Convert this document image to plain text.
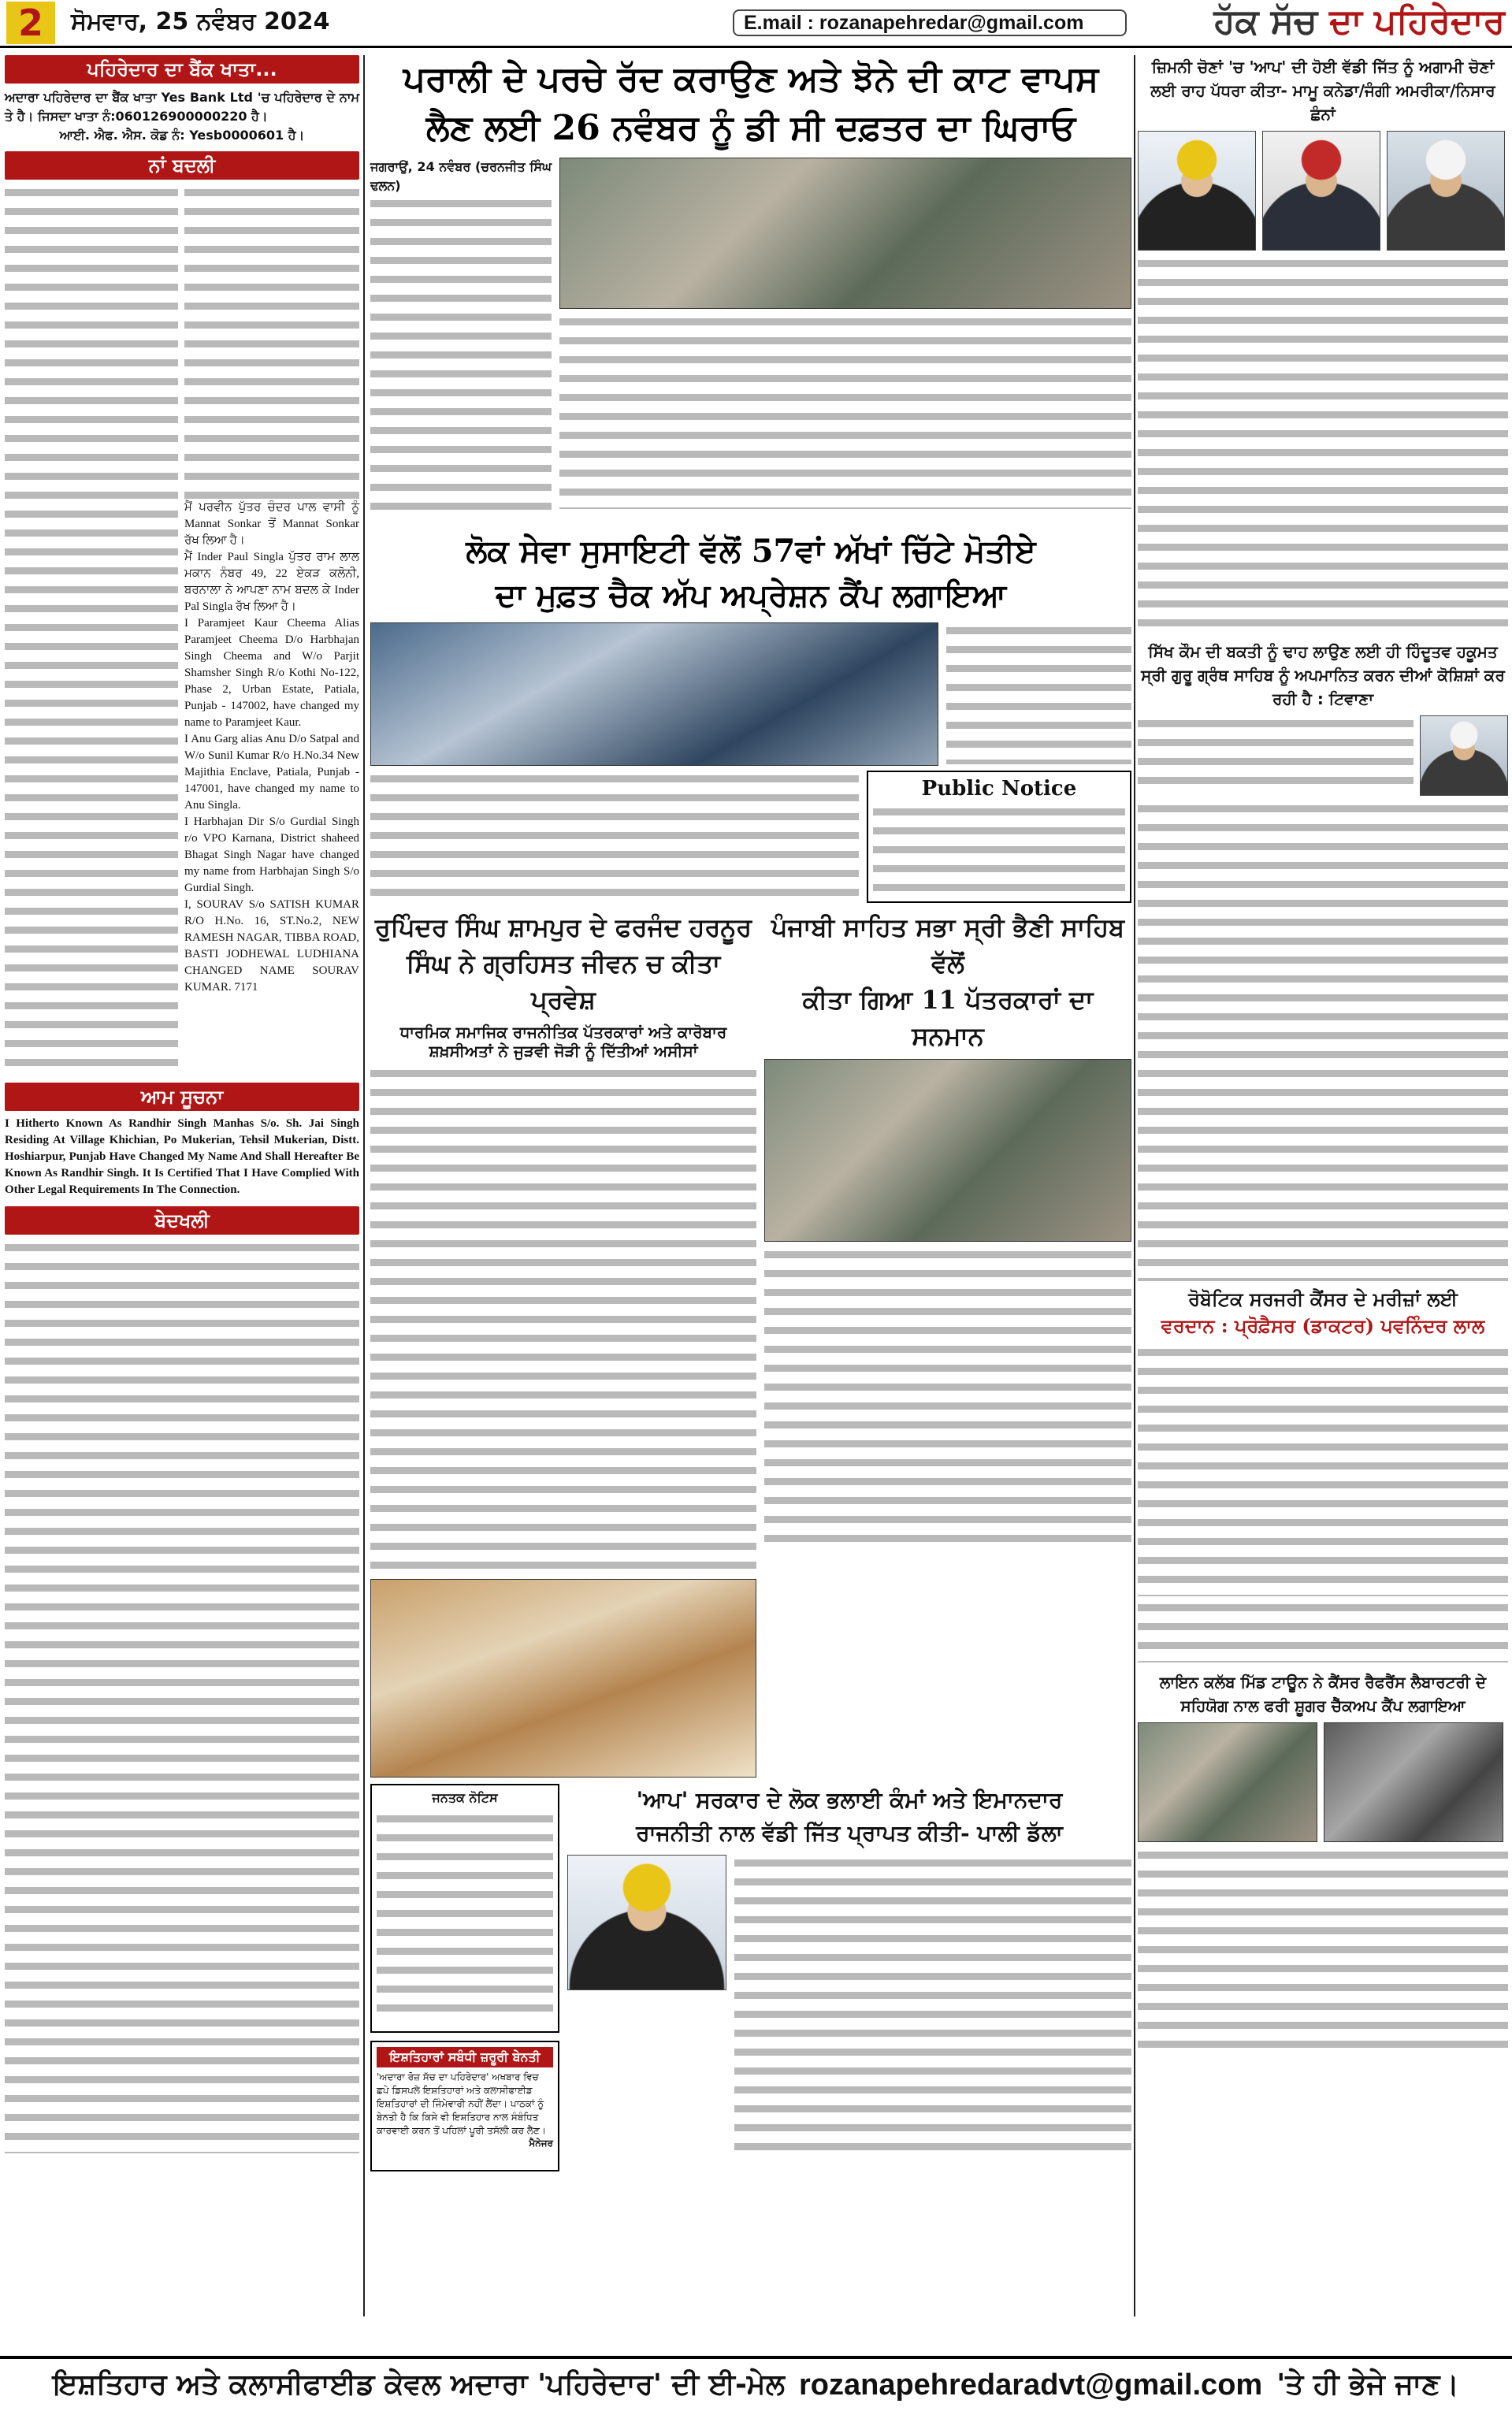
2	ਸੋਮਵਾਰ, 25 ਨਵੰਬਰ 2024	E.mail : rozanapehredar@gmail.com	ਹੱਕ ਸੱਚ ਦਾ ਪਹਿਰੇਦਾਰ
ਪਹਿਰੇਦਾਰ ਦਾ ਬੈਂਕ ਖਾਤਾ...
ਅਦਾਰਾ ਪਹਿਰੇਦਾਰ ਦਾ ਬੈਂਕ ਖਾਤਾ Yes Bank Ltd 'ਚ ਪਹਿਰੇਦਾਰ ਦੇ ਨਾਮ ਤੇ ਹੈ। ਜਿਸਦਾ ਖਾਤਾ ਨੰ:060126900000220 ਹੈ।
ਆਈ. ਐਫ. ਐਸ. ਕੋਡ ਨੰ: Yesb0000601 ਹੈ।
ਨਾਂ ਬਦਲੀ
ਮੈਂ ਪਰਵੀਨ ਪੁੱਤਰ ਚੰਦਰ ਪਾਲ ਵਾਸੀ ਨੂੰ Mannat Sonkar ਤੋਂ Mannat Sonkar ਰੱਖ ਲਿਆ ਹੈ।
ਮੈਂ Inder Paul Singla ਪੁੱਤਰ ਰਾਮ ਲਾਲ ਮਕਾਨ ਨੰਬਰ 49, 22 ਏਕੜ ਕਲੋਨੀ, ਬਰਨਾਲਾ ਨੇ ਆਪਣਾ ਨਾਮ ਬਦਲ ਕੇ Inder Pal Singla ਰੱਖ ਲਿਆ ਹੈ।
I Paramjeet Kaur Cheema Alias Paramjeet Cheema D/o Harbhajan Singh Cheema and W/o Parjit Shamsher Singh R/o Kothi No-122, Phase 2, Urban Estate, Patiala, Punjab - 147002, have changed my name to Paramjeet Kaur.
I Anu Garg alias Anu D/o Satpal and W/o Sunil Kumar R/o H.No.34 New Majithia Enclave, Patiala, Punjab - 147001, have changed my name to Anu Singla.
I Harbhajan Dir S/o Gurdial Singh r/o VPO Karnana, District shaheed Bhagat Singh Nagar have changed my name from Harbhajan Singh S/o Gurdial Singh.
I, SOURAV S/o SATISH KUMAR R/O H.No. 16, ST.No.2, NEW RAMESH NAGAR, TIBBA ROAD, BASTI JODHEWAL LUDHIANA CHANGED NAME SOURAV KUMAR. 7171
ਆਮ ਸੂਚਨਾ
I Hitherto Known As Randhir Singh Manhas S/o. Sh. Jai Singh Residing At Village Khichian, Po Mukerian, Tehsil Mukerian, Distt. Hoshiarpur, Punjab Have Changed My Name And Shall Hereafter Be Known As Randhir Singh. It Is Certified That I Have Complied With Other Legal Requirements In The Connection.
ਬੇਦਖਲੀ
ਪਰਾਲੀ ਦੇ ਪਰਚੇ ਰੱਦ ਕਰਾਉਣ ਅਤੇ ਝੋਨੇ ਦੀ ਕਾਟ ਵਾਪਸ
ਲੈਣ ਲਈ 26 ਨਵੰਬਰ ਨੂੰ ਡੀ ਸੀ ਦਫ਼ਤਰ ਦਾ ਘਿਰਾਓ
ਜਗਰਾਉਂ, 24 ਨਵੰਬਰ (ਚਰਨਜੀਤ ਸਿੰਘ ਢਲਨ)
ਲੋਕ ਸੇਵਾ ਸੁਸਾਇਟੀ ਵੱਲੋਂ 57ਵਾਂ ਅੱਖਾਂ ਚਿੱਟੇ ਮੋਤੀਏ
ਦਾ ਮੁਫ਼ਤ ਚੈਕ ਅੱਪ ਅਪ੍ਰੇਸ਼ਨ ਕੈਂਪ ਲਗਾਇਆ
Public Notice
ਰੁਪਿੰਦਰ ਸਿੰਘ ਸ਼ਾਮਪੁਰ ਦੇ ਫਰਜੰਦ ਹਰਨੂਰ
ਸਿੰਘ ਨੇ ਗ੍ਰਹਿਸਤ ਜੀਵਨ ਚ ਕੀਤਾ ਪ੍ਰਵੇਸ਼
ਧਾਰਮਿਕ ਸਮਾਜਿਕ ਰਾਜਨੀਤਿਕ ਪੱਤਰਕਾਰਾਂ ਅਤੇ ਕਾਰੋਬਾਰ ਸ਼ਖ਼ਸੀਅਤਾਂ ਨੇ ਜੁੜਵੀ ਜੋੜੀ ਨੂੰ ਦਿੱਤੀਆਂ ਅਸੀਸਾਂ
ਪੰਜਾਬੀ ਸਾਹਿਤ ਸਭਾ ਸ੍ਰੀ ਭੈਣੀ ਸਾਹਿਬ ਵੱਲੋਂ
ਕੀਤਾ ਗਿਆ 11 ਪੱਤਰਕਾਰਾਂ ਦਾ ਸਨਮਾਨ
ਜਨਤਕ ਨੋਟਿਸ
ਇਸ਼ਤਿਹਾਰਾਂ ਸਬੰਧੀ ਜ਼ਰੂਰੀ ਬੇਨਤੀ
'ਅਦਾਰਾ ਰੋਜ਼ ਸੱਚ ਦਾ ਪਹਿਰੇਦਾਰ' ਅਖਬਾਰ ਵਿਚ ਛਪੇ ਡਿਸਪਲੇ ਇਸ਼ਤਿਹਾਰਾਂ ਅਤੇ ਕਲਾਸੀਫਾਈਡ ਇਸ਼ਤਿਹਾਰਾਂ ਦੀ ਜਿੰਮੇਵਾਰੀ ਨਹੀਂ ਲੈਂਦਾ। ਪਾਠਕਾਂ ਨੂੰ ਬੇਨਤੀ ਹੈ ਕਿ ਕਿਸੇ ਵੀ ਇਸ਼ਤਿਹਾਰ ਨਾਲ ਸੰਬੰਧਿਤ ਕਾਰਵਾਈ ਕਰਨ ਤੋਂ ਪਹਿਲਾਂ ਪੂਰੀ ਤਸੱਲੀ ਕਰ ਲੈਣ।
ਮੈਨੇਜਰ
'ਆਪ' ਸਰਕਾਰ ਦੇ ਲੋਕ ਭਲਾਈ ਕੰਮਾਂ ਅਤੇ ਇਮਾਨਦਾਰ
ਰਾਜਨੀਤੀ ਨਾਲ ਵੱਡੀ ਜਿੱਤ ਪ੍ਰਾਪਤ ਕੀਤੀ- ਪਾਲੀ ਡੱਲਾ
ਜ਼ਿਮਨੀ ਚੋਣਾਂ 'ਚ 'ਆਪ' ਦੀ ਹੋਈ ਵੱਡੀ ਜਿੱਤ ਨੂੰ ਅਗਾਮੀ ਚੋਣਾਂ ਲਈ ਰਾਹ ਪੱਧਰਾ ਕੀਤਾ- ਮਾਮੂ ਕਨੇਡਾ/ਜੰਗੀ ਅਮਰੀਕਾ/ਨਿਸਾਰ ਛੰਨਾਂ
ਸਿੱਖ ਕੌਮ ਦੀ ਬਕਤੀ ਨੂੰ ਢਾਹ ਲਾਉਣ ਲਈ ਹੀ ਹਿੰਦੂਤਵ ਹਕੂਮਤ ਸ੍ਰੀ ਗੁਰੂ ਗ੍ਰੰਥ ਸਾਹਿਬ ਨੂੰ ਅਪਮਾਨਿਤ ਕਰਨ ਦੀਆਂ ਕੋਸ਼ਿਸ਼ਾਂ ਕਰ ਰਹੀ ਹੈ : ਟਿਵਾਣਾ
ਰੋਬੋਟਿਕ ਸਰਜਰੀ ਕੈਂਸਰ ਦੇ ਮਰੀਜ਼ਾਂ ਲਈ
ਵਰਦਾਨ : ਪ੍ਰੋਫ਼ੈਸਰ (ਡਾਕਟਰ) ਪਵਨਿੰਦਰ ਲਾਲ
ਲਾਇਨ ਕਲੱਬ ਮਿੱਡ ਟਾਊਨ ਨੇ ਕੈਂਸਰ ਰੈਫਰੈਂਸ ਲੈਬਾਰਟਰੀ ਦੇ ਸਹਿਯੋਗ ਨਾਲ ਫਰੀ ਸ਼ੂਗਰ ਚੈੱਕਅਪ ਕੈਂਪ ਲਗਾਇਆ
ਇਸ਼ਤਿਹਾਰ ਅਤੇ ਕਲਾਸੀਫਾਈਡ ਕੇਵਲ ਅਦਾਰਾ 'ਪਹਿਰੇਦਾਰ' ਦੀ ਈ-ਮੇਲ rozanapehredaradvt@gmail.com 'ਤੇ ਹੀ ਭੇਜੇ ਜਾਣ।
